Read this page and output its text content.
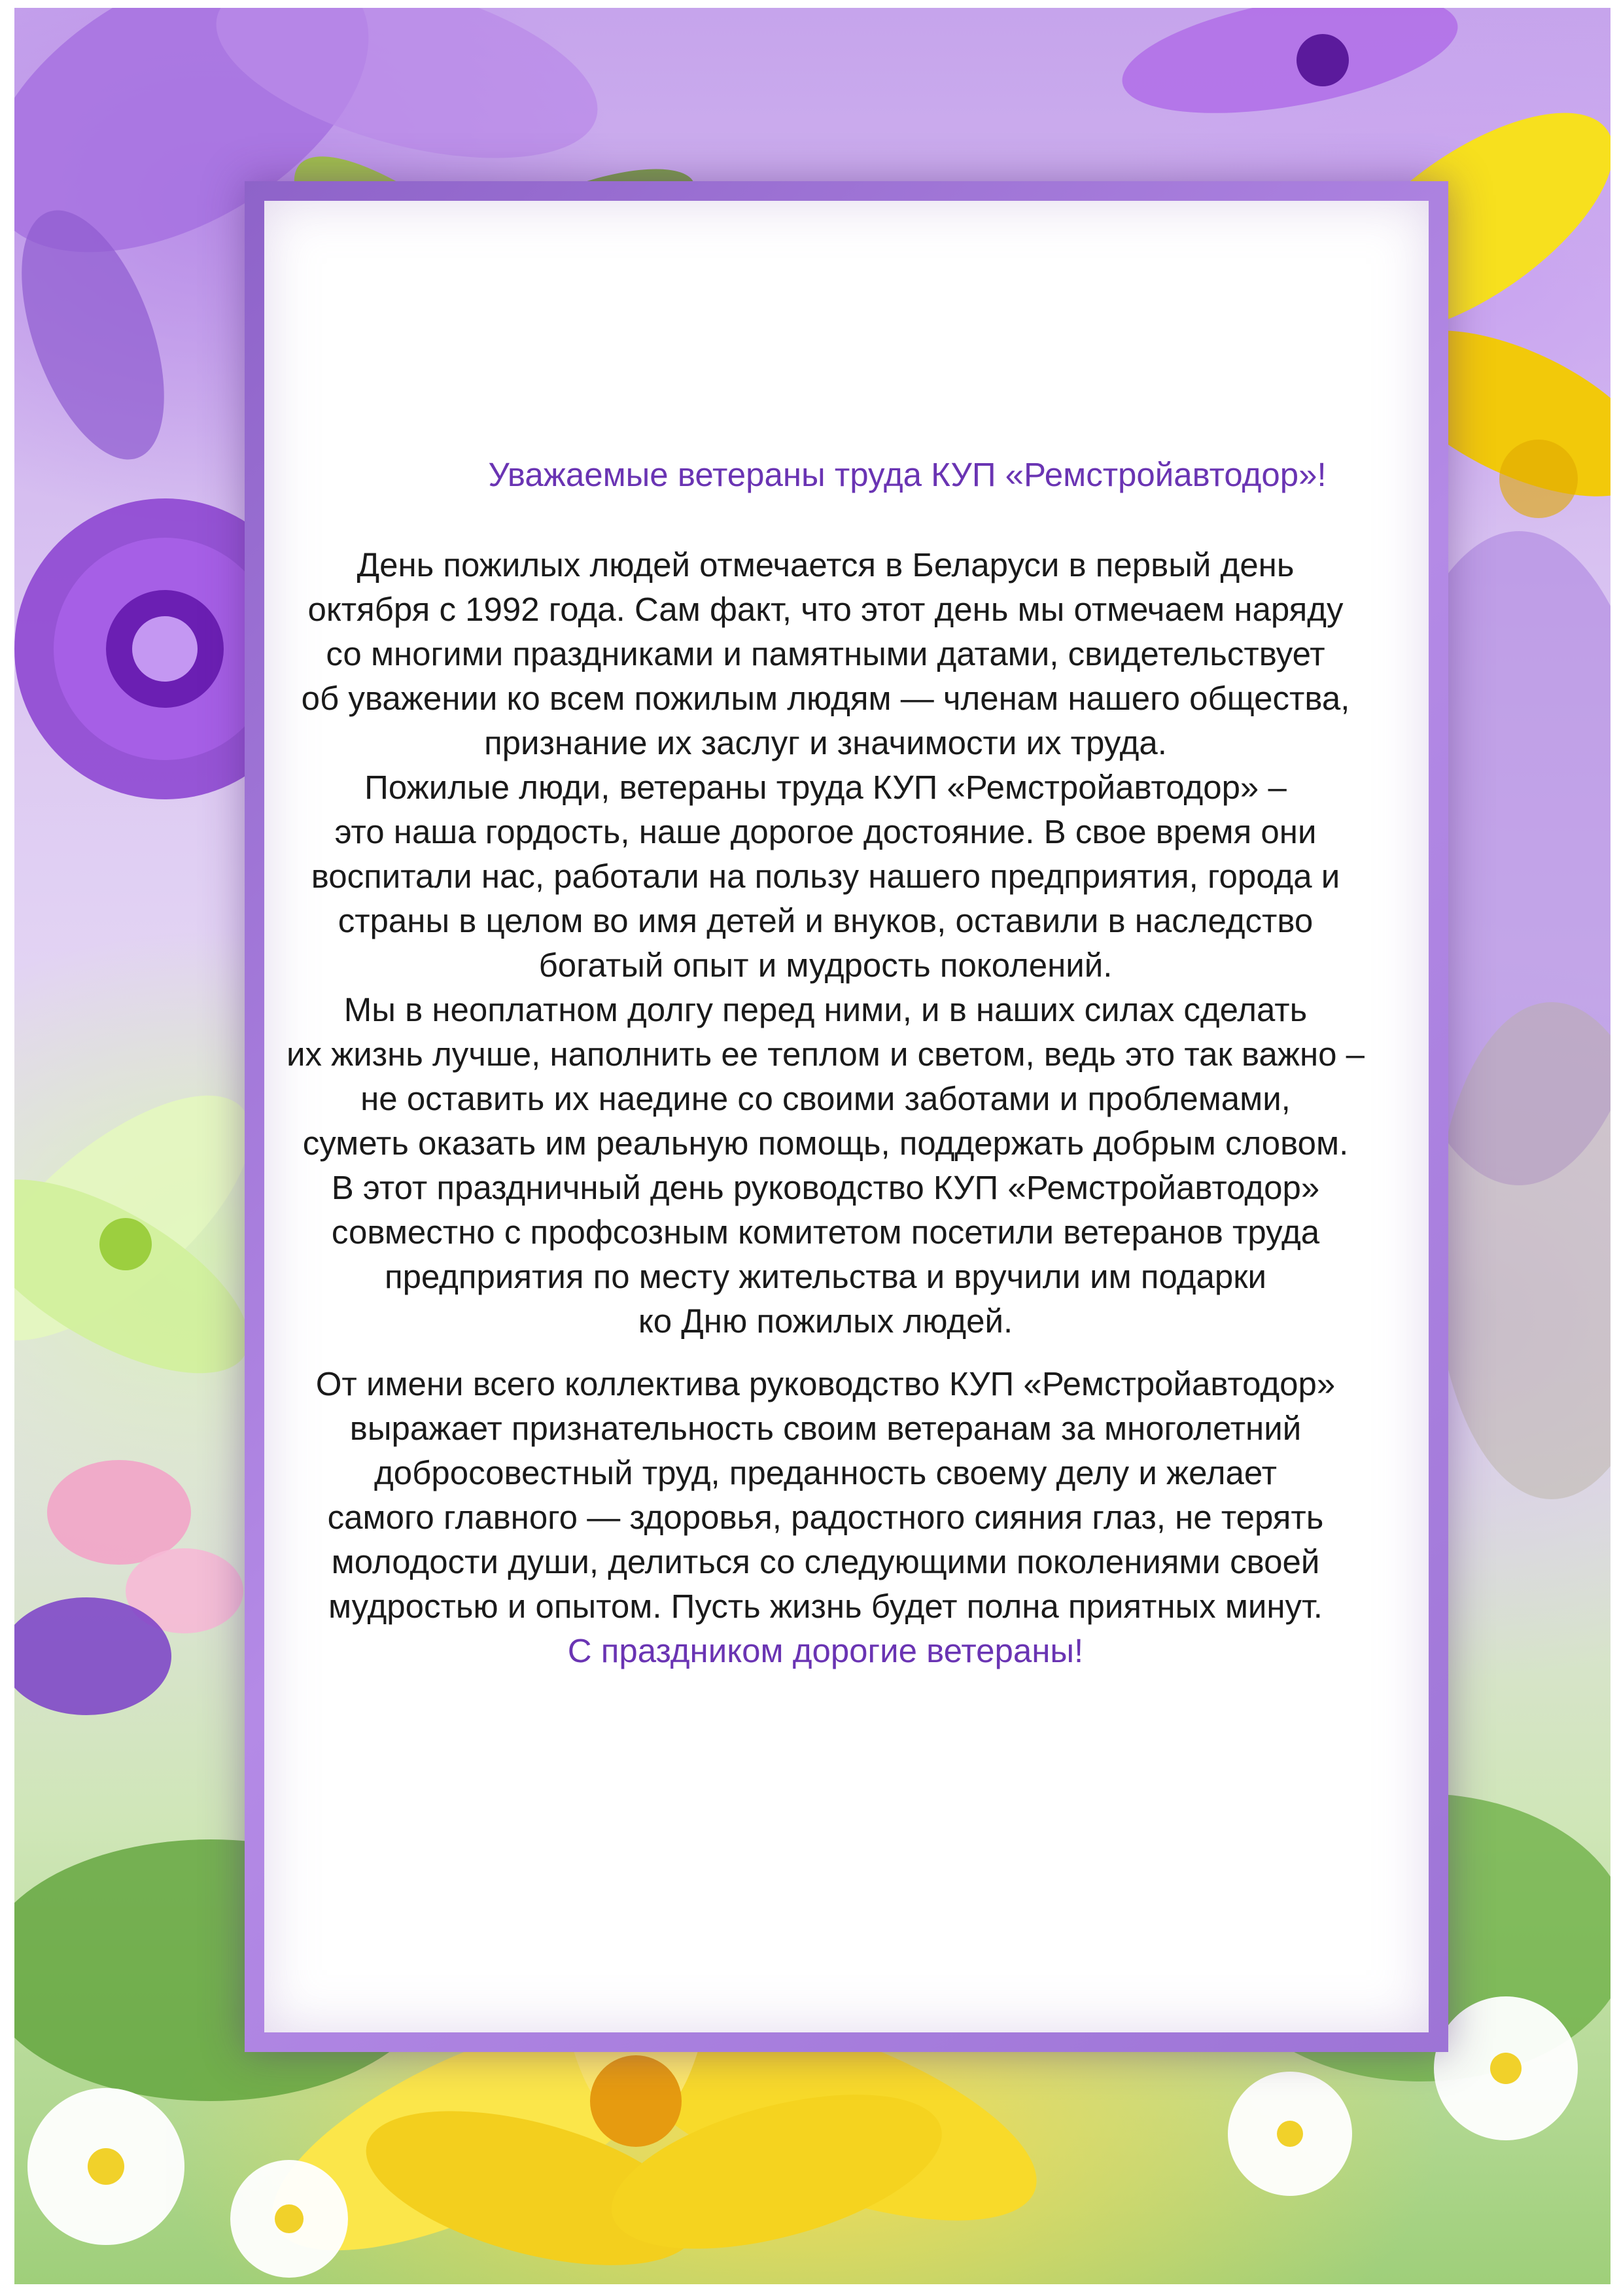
Уважаемые ветераны труда КУП «Ремстройавтодор»!

День пожилых людей отмечается в Беларуси в первый день
октября с 1992 года. Сам факт, что этот день мы отмечаем наряду
со многими праздниками и памятными датами, свидетельствует
об уважении ко всем пожилым людям — членам нашего общества,
признание их заслуг и значимости их труда.

Пожилые люди, ветераны труда КУП «Ремстройавтодор» –
это наша гордость, наше дорогое достояние. В свое время они
воспитали нас, работали на пользу нашего предприятия, города и
страны в целом во имя детей и внуков, оставили в наследство
богатый опыт и мудрость поколений.

Мы в неоплатном долгу перед ними, и в наших силах сделать
их жизнь лучше, наполнить ее теплом и светом, ведь это так важно –
не оставить их наедине со своими заботами и проблемами,
суметь оказать им реальную помощь, поддержать добрым словом.
В этот праздничный день руководство КУП «Ремстройавтодор»
совместно с профсозным комитетом посетили ветеранов труда
предприятия по месту жительства и вручили им подарки
ко Дню пожилых людей.

От имени всего коллектива руководство КУП «Ремстройавтодор»
выражает признательность своим ветеранам за многолетний
добросовестный труд, преданность своему делу и желает
самого главного — здоровья, радостного сияния глаз, не терять
молодости души, делиться со следующими поколениями своей
мудростью и опытом. Пусть жизнь будет полна приятных минут.

С праздником дорогие ветераны!
